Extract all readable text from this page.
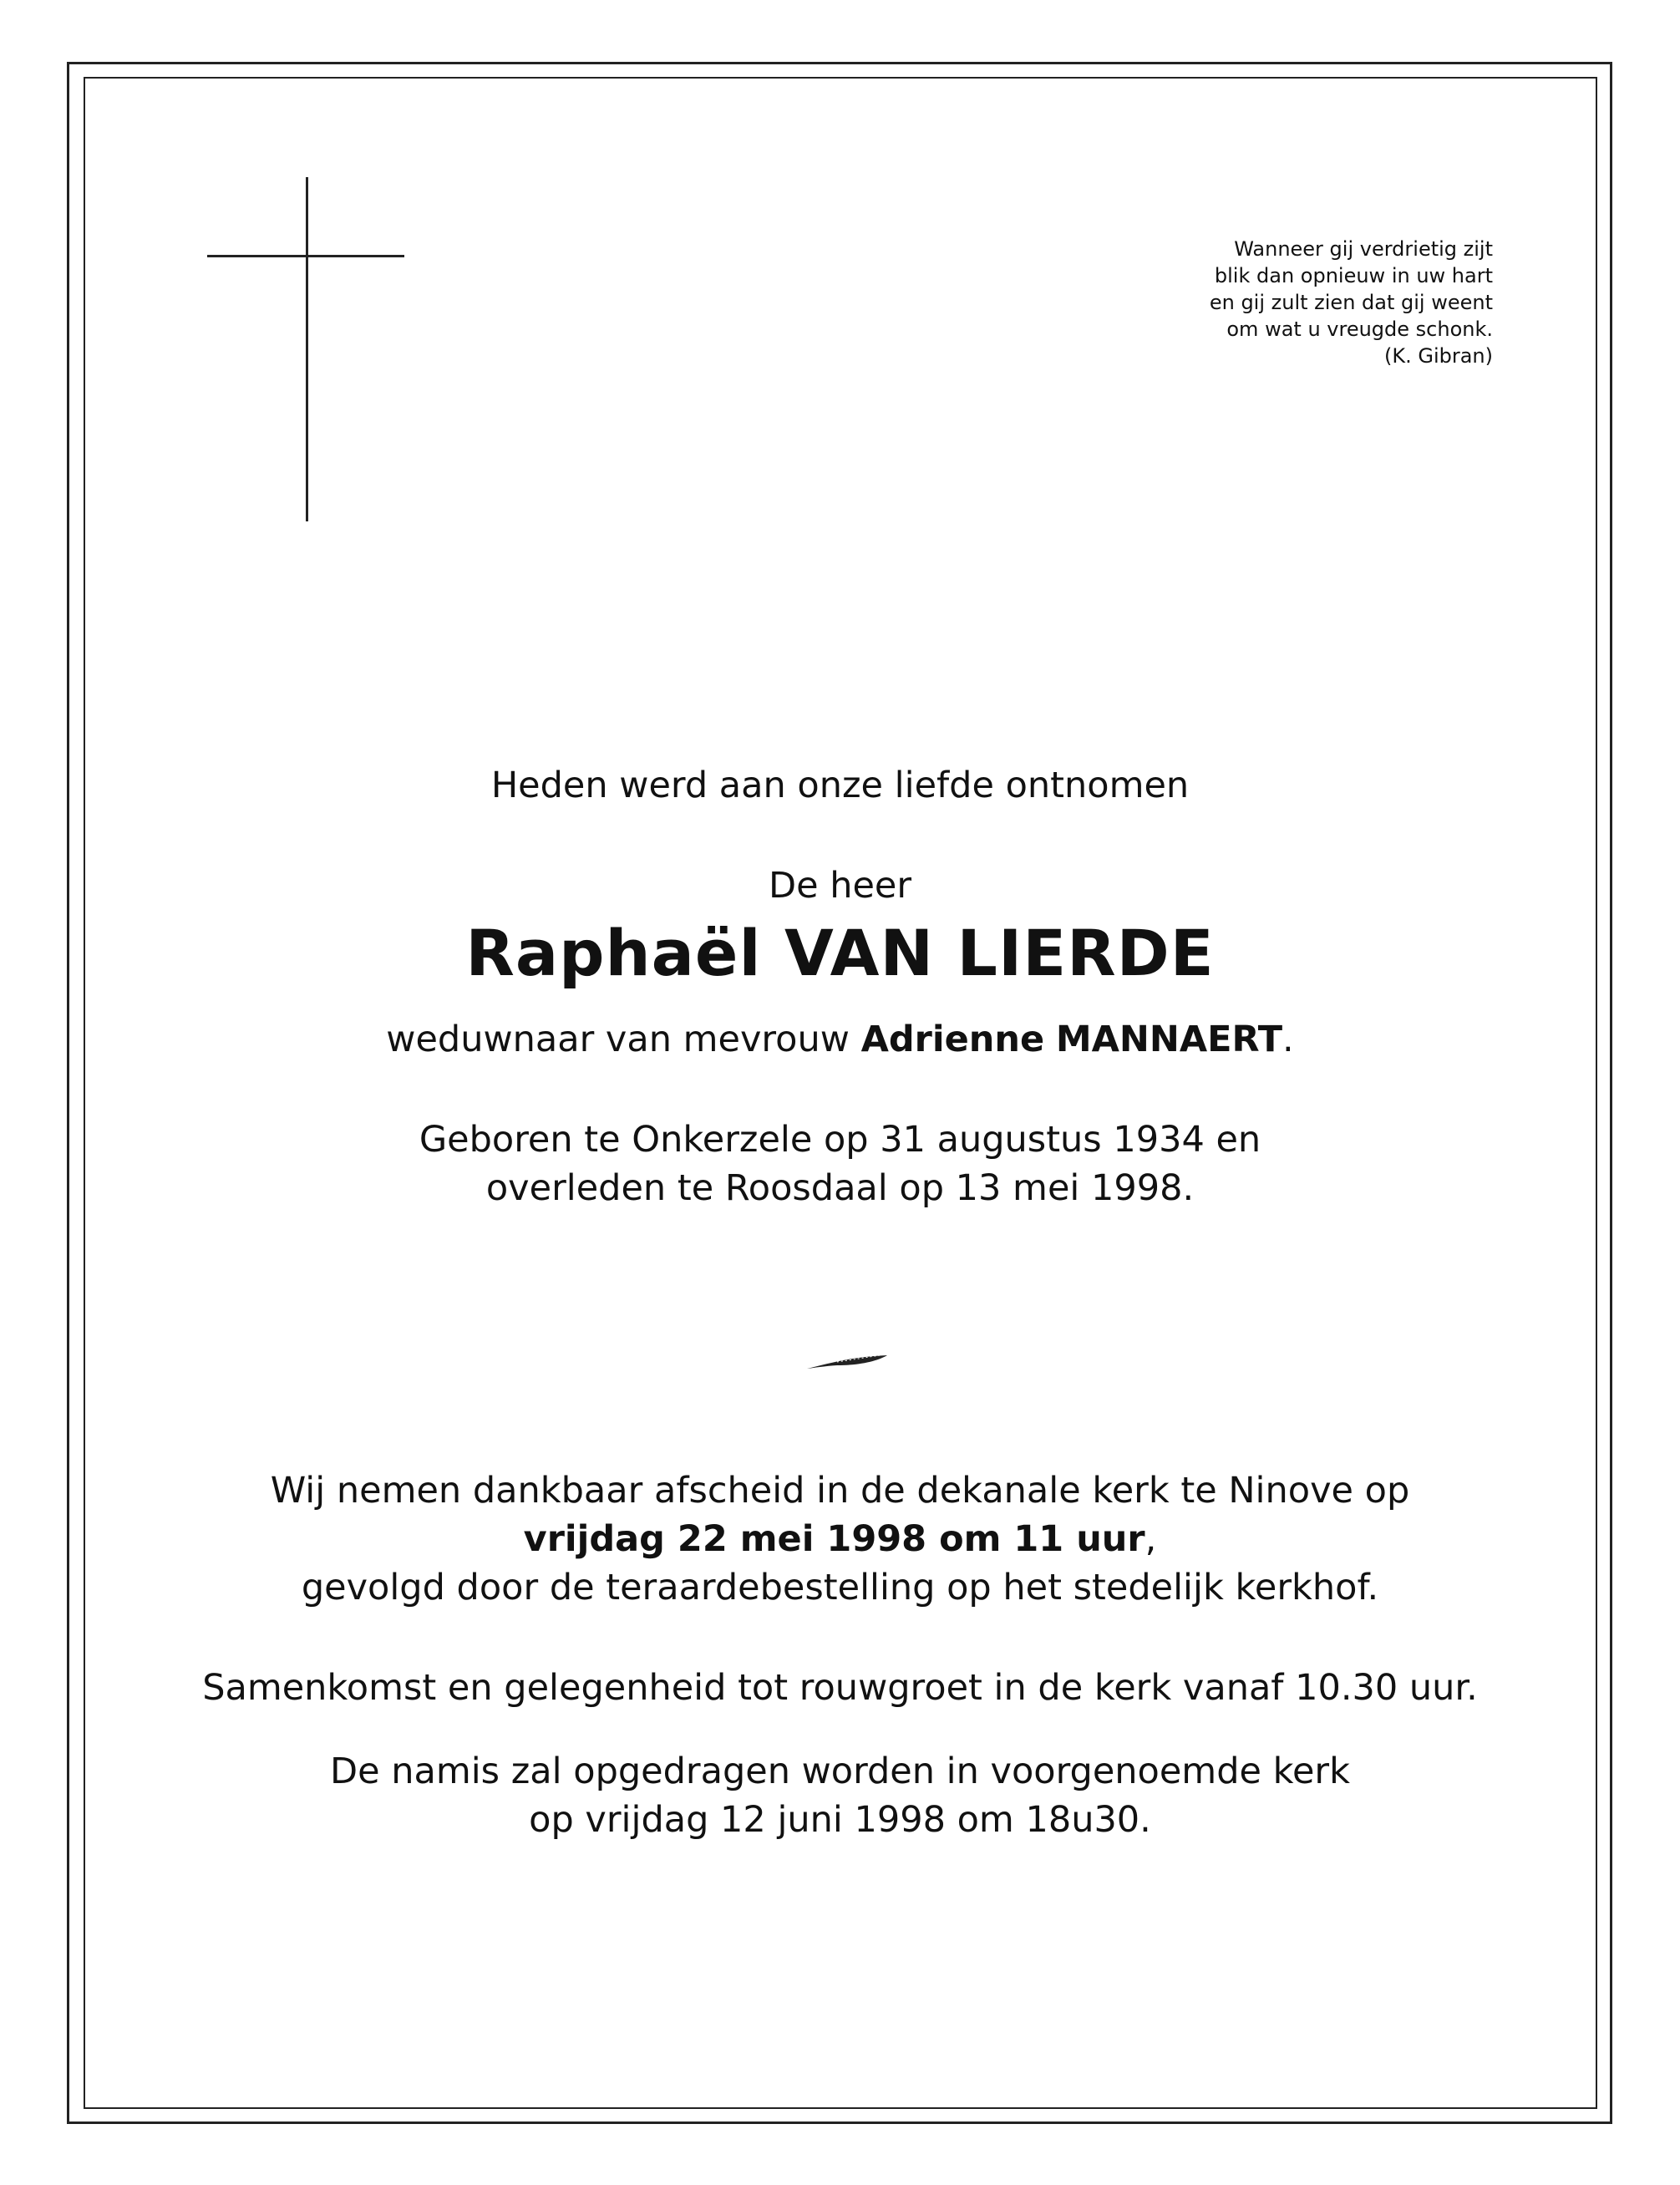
Wanneer gij verdrietig zijt
blik dan opnieuw in uw hart
en gij zult zien dat gij weent
om wat u vreugde schonk.
(K. Gibran)
Heden werd aan onze liefde ontnomen
De heer
Raphaël VAN LIERDE
weduwnaar van mevrouw Adrienne MANNAERT.
Geboren te Onkerzele op 31 augustus 1934 en
overleden te Roosdaal op 13 mei 1998.
Wij nemen dankbaar afscheid in de dekanale kerk te Ninove op
vrijdag 22 mei 1998 om 11 uur,
gevolgd door de teraardebestelling op het stedelijk kerkhof.
Samenkomst en gelegenheid tot rouwgroet in de kerk vanaf 10.30 uur.
De namis zal opgedragen worden in voorgenoemde kerk
op vrijdag 12 juni 1998 om 18u30.
